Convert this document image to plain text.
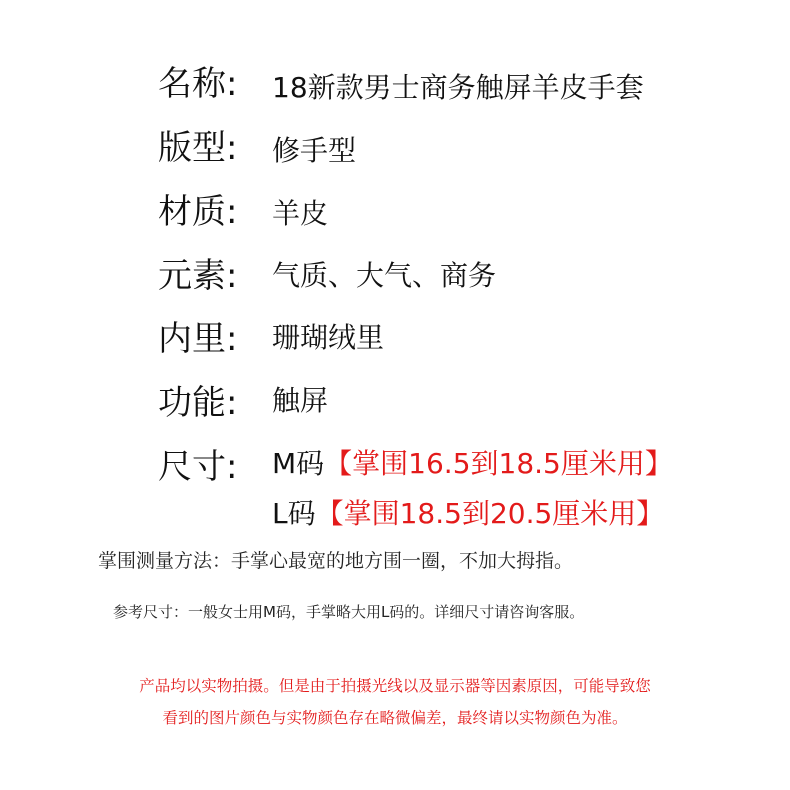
名称: 18新款男士商务触屏羊皮手套
版型: 修手型
材质: 羊皮
元素: 气质、大气、商务
内里: 珊瑚绒里
功能: 触屏
尺寸: M码【掌围16.5到18.5厘米用】
L码【掌围18.5到20.5厘米用】
掌围测量方法：手掌心最宽的地方围一圈，不加大拇指。
参考尺寸：一般女士用M码，手掌略大用L码的。详细尺寸请咨询客服。
产品均以实物拍摄。但是由于拍摄光线以及显示器等因素原因，可能导致您
看到的图片颜色与实物颜色存在略微偏差，最终请以实物颜色为准。
